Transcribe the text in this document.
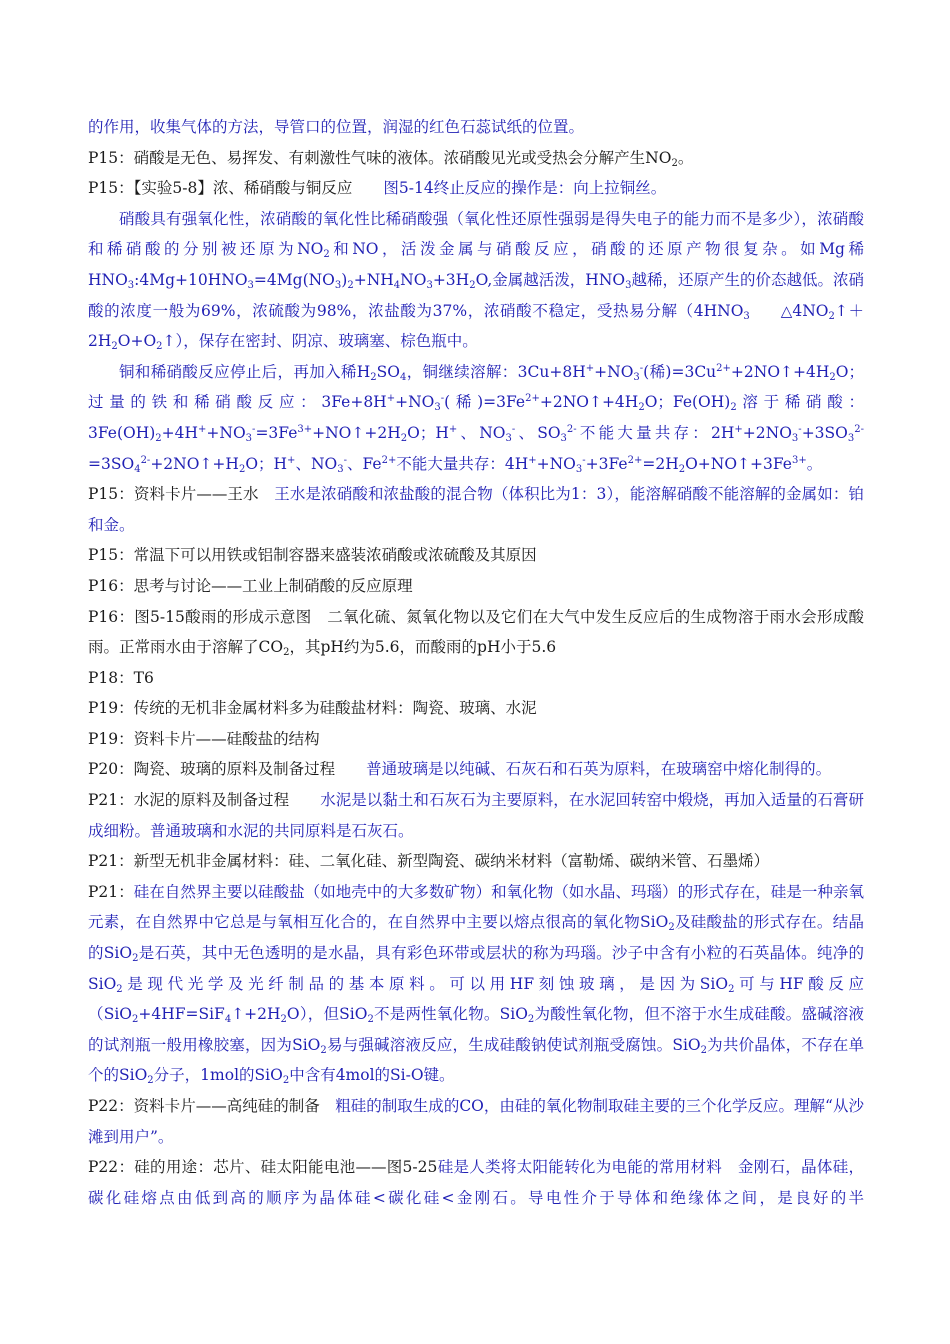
的作用，收集气体的方法，导管口的位置，润湿的红色石蕊试纸的位置。

P15：硝酸是无色、易挥发、有刺激性气味的液体。浓硝酸见光或受热会分解产生$NO_2$。

P15：【实验5-8】浓、稀硝酸与铜反应　　 图5-14终止反应的操作是：向上拉铜丝。

硝酸具有强氧化性，浓硝酸的氧化性比稀硝酸强（氧化性还原性强弱是得失电子的能力而不是多少），浓硝酸和稀硝酸的分别被还原为$NO_2$和NO，活泼金属与硝酸反应，硝酸的还原产物很复杂。如Mg稀$HNO_3:4Mg+10HNO_3=4Mg(NO_3)_2+NH_4NO_3+3H_2O$,金属越活泼，$HNO_3$越稀，还原产生的价态越低。浓硝酸的浓度一般为69%，浓硫酸为98%，浓盐酸为37%，浓硝酸不稳定，受热易分解（$4HNO_3$ $\triangle 4NO_2↑+2H_2O+O_2↑$），保存在密封、阴凉、玻璃塞、棕色瓶中。

铜和稀硝酸反应停止后，再加入稀$H_2SO_4$，铜继续溶解：$3Cu+8H^++NO_3^-$(稀)$=3Cu^{2+}+2NO↑+4H_2O$；过量的铁和稀硝酸反应：$3Fe+8H^++NO_3^-$(稀)$=3Fe^{2+}+2NO↑+4H_2O$；$Fe(OH)_2$溶于稀硝酸：$3Fe(OH)_2+4H^++NO_3^-=3Fe^{3+}+NO↑+2H_2O$；H+、$NO_3^-$、$SO_3^{2-}$不能大量共存：$2H^++2NO_3^-+3SO_3^{2-}=3SO_4^{2-}+2NO↑+H_2O$；H+、$NO_3^-$、$Fe^{2+}$不能大量共存：$4H^++NO_3^-+3Fe^{2+}=2H_2O+NO↑+3Fe^{3+}$。

P15：资料卡片——王水　 王水是浓硝酸和浓盐酸的混合物（体积比为1：3），能溶解硝酸不能溶解的金属如：铂和金。

P15：常温下可以用铁或铝制容器来盛装浓硝酸或浓硫酸及其原因

P16：思考与讨论——工业上制硝酸的反应原理

P16：图5-15酸雨的形成示意图　二氧化硫、氮氧化物以及它们在大气中发生反应后的生成物溶于雨水会形成酸雨。正常雨水由于溶解了$CO_2$，其pH约为5.6，而酸雨的pH小于5.6

P18：T6

P19：传统的无机非金属材料多为硅酸盐材料：陶瓷、玻璃、水泥

P19：资料卡片——硅酸盐的结构

P20：陶瓷、玻璃的原料及制备过程　　 普通玻璃是以纯碱、石灰石和石英为原料，在玻璃窑中熔化制得的。

P21：水泥的原料及制备过程　　 水泥是以黏土和石灰石为主要原料，在水泥回转窑中煅烧，再加入适量的石膏研成细粉。普通玻璃和水泥的共同原料是石灰石。

P21：新型无机非金属材料：硅、二氧化硅、新型陶瓷、碳纳米材料（富勒烯、碳纳米管、石墨烯）

P21：硅在自然界主要以硅酸盐（如地壳中的大多数矿物）和氧化物（如水晶、玛瑙）的形式存在，硅是一种亲氧元素，在自然界中它总是与氧相互化合的，在自然界中主要以熔点很高的氧化物SiO$_2$及硅酸盐的形式存在。结晶的SiO$_2$是石英，其中无色透明的是水晶，具有彩色环带或层状的称为玛瑙。沙子中含有小粒的石英晶体。纯净的SiO$_2$是现代光学及光纤制品的基本原料。可以用HF刻蚀玻璃，是因为SiO$_2$可与HF酸反应$(SiO_2+4HF=SiF_4↑+2H_2O)$，但SiO$_2$不是两性氧化物。SiO$_2$为酸性氧化物，但不溶于水生成硅酸。盛碱溶液的试剂瓶一般用橡胶塞，因为SiO$_2$易与强碱溶液反应，生成硅酸钠使试剂瓶受腐蚀。SiO$_2$为共价晶体，不存在单个的SiO$_2$分子，1mol的SiO$_2$中含有4mol的Si-O键。

P22：资料卡片——高纯硅的制备　 粗硅的制取生成的CO，由硅的氧化物制取硅主要的三个化学反应。理解“从沙滩到用户”。

P22：硅的用途：芯片、硅太阳能电池——图5-25硅是人类将太阳能转化为电能的常用材料　金刚石，晶体硅，碳化硅熔点由低到高的顺序为晶体硅<碳化硅<金刚石。导电性介于导体和绝缘体之间，是良好的半
